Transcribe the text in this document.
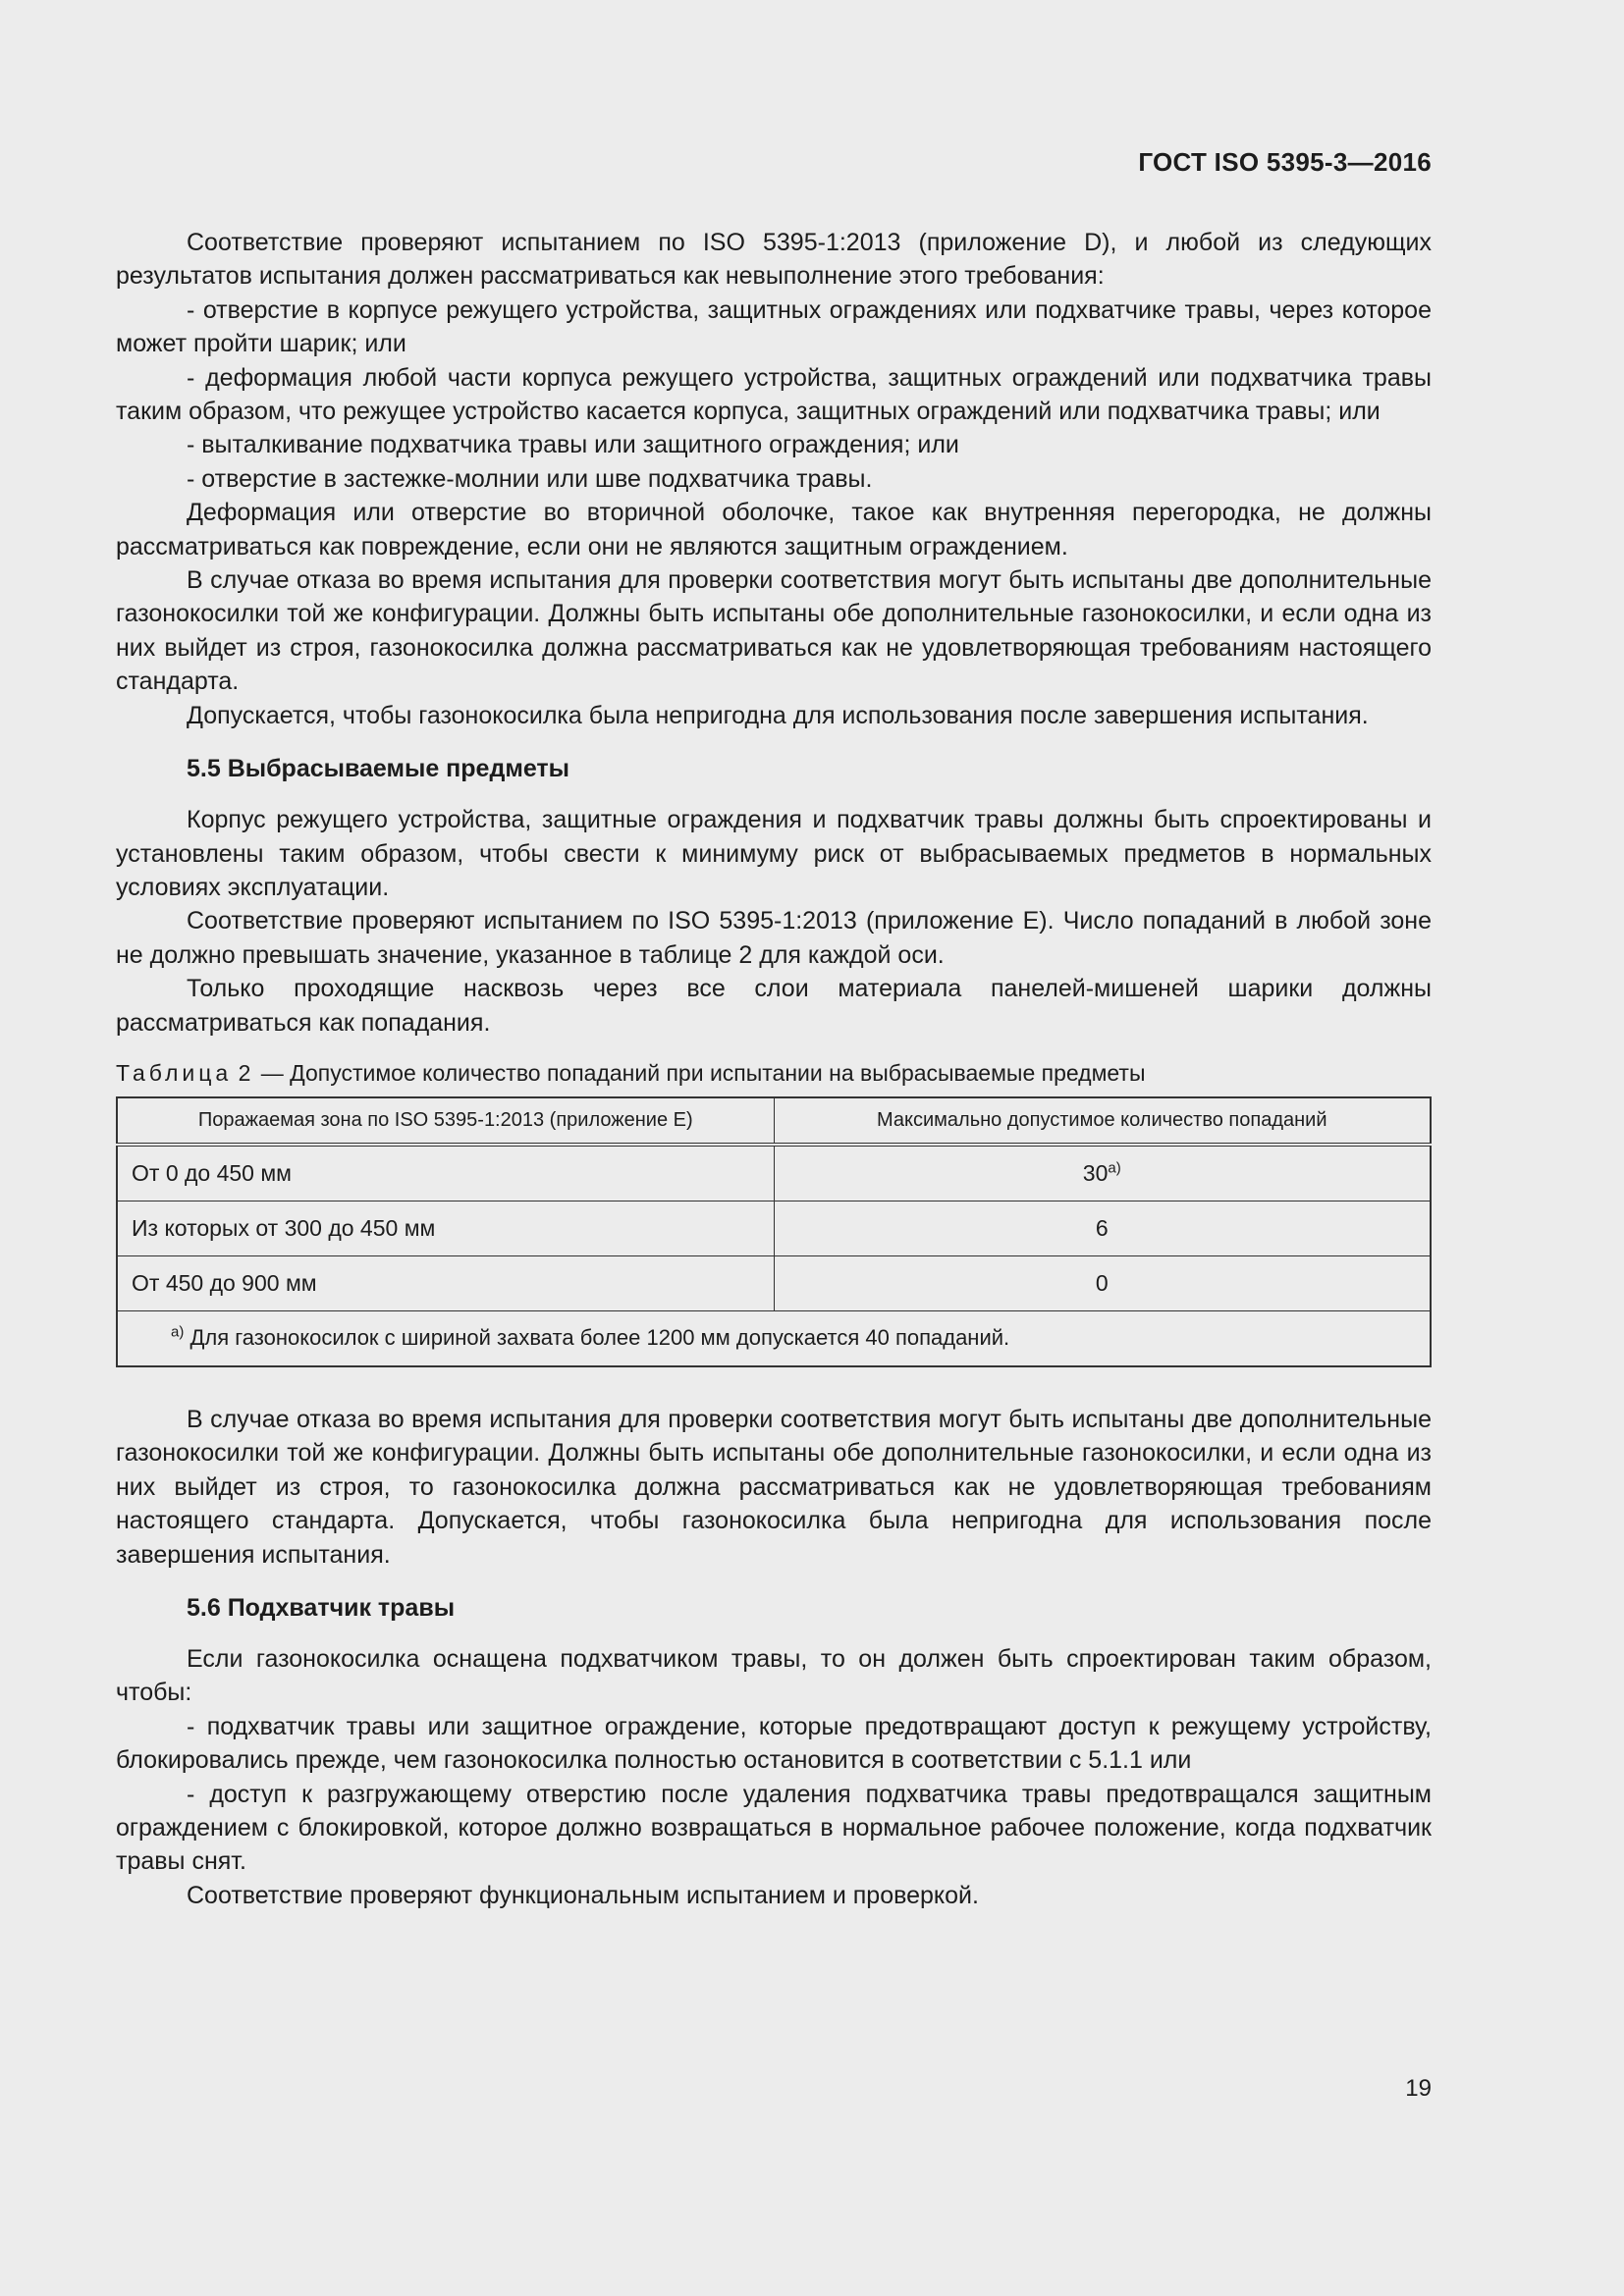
ГОСТ ISO 5395-3—2016

Соответствие проверяют испытанием по ISO 5395-1:2013 (приложение D), и любой из следующих результатов испытания должен рассматриваться как невыполнение этого требования:

- отверстие в корпусе режущего устройства, защитных ограждениях или подхватчике травы, через которое может пройти шарик; или

- деформация любой части корпуса режущего устройства, защитных ограждений или подхватчика травы таким образом, что режущее устройство касается корпуса, защитных ограждений или подхватчика травы; или

- выталкивание подхватчика травы или защитного ограждения; или

- отверстие в застежке-молнии или шве подхватчика травы.

Деформация или отверстие во вторичной оболочке, такое как внутренняя перегородка, не должны рассматриваться как повреждение, если они не являются защитным ограждением.

В случае отказа во время испытания для проверки соответствия могут быть испытаны две дополнительные газонокосилки той же конфигурации. Должны быть испытаны обе дополнительные газонокосилки, и если одна из них выйдет из строя, газонокосилка должна рассматриваться как не удовлетворяющая требованиям настоящего стандарта.

Допускается, чтобы газонокосилка была непригодна для использования после завершения испытания.

5.5 Выбрасываемые предметы

Корпус режущего устройства, защитные ограждения и подхватчик травы должны быть спроектированы и установлены таким образом, чтобы свести к минимуму риск от выбрасываемых предметов в нормальных условиях эксплуатации.

Соответствие проверяют испытанием по ISO 5395-1:2013 (приложение E). Число попаданий в любой зоне не должно превышать значение, указанное в таблице 2 для каждой оси.

Только проходящие насквозь через все слои материала панелей-мишеней шарики должны рассматриваться как попадания.

Таблица 2 — Допустимое количество попаданий при испытании на выбрасываемые предметы
Поражаемая зона по ISO 5395-1:2013 (приложение E)	Максимально допустимое количество попаданий
От 0 до 450 мм	30$^{a)}$
Из которых от 300 до 450 мм	6
От 450 до 900 мм	0
$^{a)}$ Для газонокосилок с шириной захвата более 1200 мм допускается 40 попаданий.	

В случае отказа во время испытания для проверки соответствия могут быть испытаны две дополнительные газонокосилки той же конфигурации. Должны быть испытаны обе дополнительные газонокосилки, и если одна из них выйдет из строя, то газонокосилка должна рассматриваться как не удовлетворяющая требованиям настоящего стандарта. Допускается, чтобы газонокосилка была непригодна для использования после завершения испытания.

5.6 Подхватчик травы

Если газонокосилка оснащена подхватчиком травы, то он должен быть спроектирован таким образом, чтобы:

- подхватчик травы или защитное ограждение, которые предотвращают доступ к режущему устройству, блокировались прежде, чем газонокосилка полностью остановится в соответствии с 5.1.1 или

- доступ к разгружающему отверстию после удаления подхватчика травы предотвращался защитным ограждением с блокировкой, которое должно возвращаться в нормальное рабочее положение, когда подхватчик травы снят.

Соответствие проверяют функциональным испытанием и проверкой.

19
